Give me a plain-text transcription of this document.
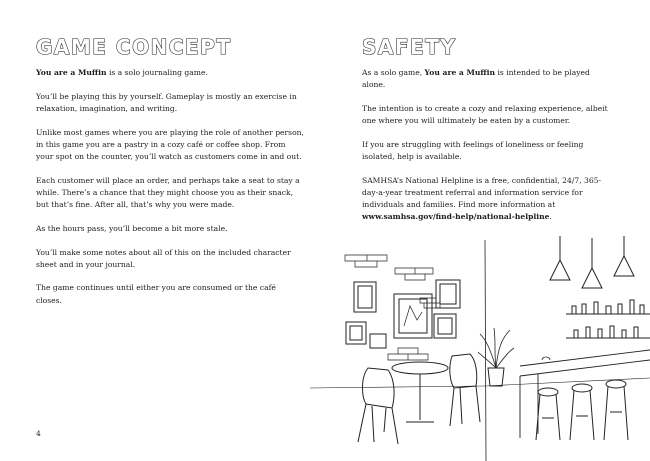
GAME CONCEPT

You are a Muffin is a solo journaling game.

You’ll be playing this by yourself. Gameplay is mostly an exercise in relaxation, imagination, and writing.

Unlike most games where you are playing the role of another person, in this game you are a pastry in a cozy café or coffee shop. From your spot on the counter, you’ll watch as customers come in and out.

Each customer will place an order, and perhaps take a seat to stay a while. There’s a chance that they might choose you as their snack, but that’s fine. After all, that’s why you were made.

As the hours pass, you’ll become a bit more stale.

You’ll make some notes about all of this on the included character sheet and in your journal.

The game continues until either you are consumed or the café closes.

4
SAFETY

As a solo game, You are a Muffin is intended to be played alone.

The intention is to create a cozy and relaxing experience, albeit one where you will ultimately be eaten by a customer.

If you are struggling with feelings of loneliness or feeling isolated, help is available.

SAMHSA’s National Helpline is a free, confidential, 24/7, 365-day-a-year treatment referral and information service for individuals and families. Find more information at www.samhsa.gov/find-help/national-helpline.
